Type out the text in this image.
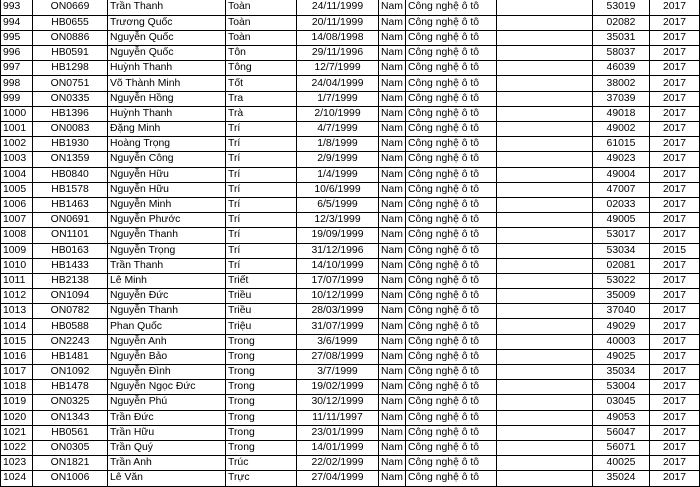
993	ON0669	Trần Thanh	Toàn	24/11/1999	Nam	Công nghệ ô tô		53019	2017
994	HB0655	Trương Quốc	Toàn	20/11/1999	Nam	Công nghệ ô tô		02082	2017
995	ON0886	Nguyễn Quốc	Toàn	14/08/1998	Nam	Công nghệ ô tô		35031	2017
996	HB0591	Nguyễn Quốc	Tôn	29/11/1996	Nam	Công nghệ ô tô		58037	2017
997	HB1298	Huỳnh Thanh	Tông	12/7/1999	Nam	Công nghệ ô tô		46039	2017
998	ON0751	Võ Thành Minh	Tốt	24/04/1999	Nam	Công nghệ ô tô		38002	2017
999	ON0335	Nguyễn Hồng	Tra	1/7/1999	Nam	Công nghệ ô tô		37039	2017
1000	HB1396	Huỳnh Thanh	Trà	2/10/1999	Nam	Công nghệ ô tô		49018	2017
1001	ON0083	Đặng Minh	Trí	4/7/1999	Nam	Công nghệ ô tô		49002	2017
1002	HB1930	Hoàng Trọng	Trí	1/8/1999	Nam	Công nghệ ô tô		61015	2017
1003	ON1359	Nguyễn Công	Trí	2/9/1999	Nam	Công nghệ ô tô		49023	2017
1004	HB0840	Nguyễn Hữu	Trí	1/4/1999	Nam	Công nghệ ô tô		49004	2017
1005	HB1578	Nguyễn Hữu	Trí	10/6/1999	Nam	Công nghệ ô tô		47007	2017
1006	HB1463	Nguyễn Minh	Trí	6/5/1999	Nam	Công nghệ ô tô		02033	2017
1007	ON0691	Nguyễn Phước	Trí	12/3/1999	Nam	Công nghệ ô tô		49005	2017
1008	ON1101	Nguyễn Thanh	Trí	19/09/1999	Nam	Công nghệ ô tô		53017	2017
1009	HB0163	Nguyễn Trọng	Trí	31/12/1996	Nam	Công nghệ ô tô		53034	2015
1010	HB1433	Trần Thanh	Trí	14/10/1999	Nam	Công nghệ ô tô		02081	2017
1011	HB2138	Lê Minh	Triết	17/07/1999	Nam	Công nghệ ô tô		53022	2017
1012	ON1094	Nguyễn Đức	Triều	10/12/1999	Nam	Công nghệ ô tô		35009	2017
1013	ON0782	Nguyễn Thanh	Triều	28/03/1999	Nam	Công nghệ ô tô		37040	2017
1014	HB0588	Phan Quốc	Triệu	31/07/1999	Nam	Công nghệ ô tô		49029	2017
1015	ON2243	Nguyễn Anh	Trong	3/6/1999	Nam	Công nghệ ô tô		40003	2017
1016	HB1481	Nguyễn Bảo	Trong	27/08/1999	Nam	Công nghệ ô tô		49025	2017
1017	ON1092	Nguyễn Đình	Trong	3/7/1999	Nam	Công nghệ ô tô		35034	2017
1018	HB1478	Nguyễn Ngọc Đức	Trong	19/02/1999	Nam	Công nghệ ô tô		53004	2017
1019	ON0325	Nguyễn Phú	Trong	30/12/1999	Nam	Công nghệ ô tô		03045	2017
1020	ON1343	Trần Đức	Trong	11/11/1997	Nam	Công nghệ ô tô		49053	2017
1021	HB0561	Trần Hữu	Trong	23/01/1999	Nam	Công nghệ ô tô		56047	2017
1022	ON0305	Trần Quý	Trong	14/01/1999	Nam	Công nghệ ô tô		56071	2017
1023	ON1821	Trần Anh	Trúc	22/02/1999	Nam	Công nghệ ô tô		40025	2017
1024	ON1006	Lê Văn	Trực	27/04/1999	Nam	Công nghệ ô tô		35024	2017
